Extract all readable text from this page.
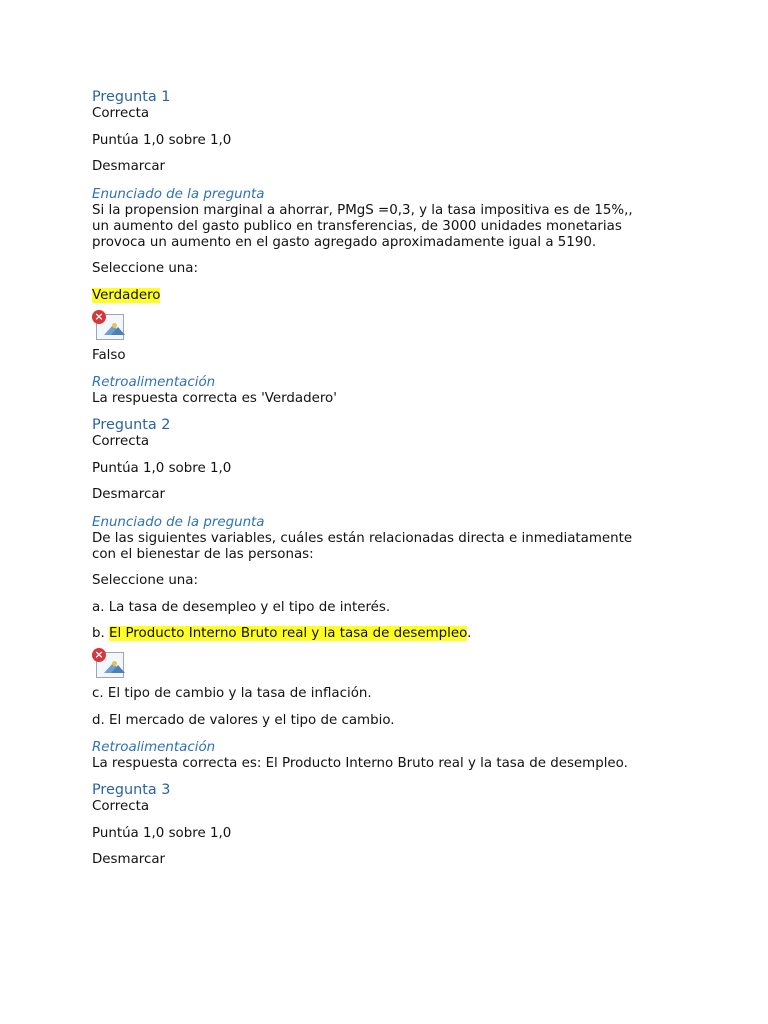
Pregunta 1

Correcta

Puntúa 1,0 sobre 1,0

Desmarcar

Enunciado de la pregunta

Si la propension marginal a ahorrar, PMgS =0,3, y la tasa impositiva es de 15%,,

un aumento del gasto publico en transferencias, de 3000 unidades monetarias

provoca un aumento en el gasto agregado aproximadamente igual a 5190.

Seleccione una:

Verdadero

×

Falso

Retroalimentación

La respuesta correcta es 'Verdadero'

Pregunta 2

Correcta

Puntúa 1,0 sobre 1,0

Desmarcar

Enunciado de la pregunta

De las siguientes variables, cuáles están relacionadas directa e inmediatamente

con el bienestar de las personas:

Seleccione una:

a. La tasa de desempleo y el tipo de interés.

b. El Producto Interno Bruto real y la tasa de desempleo.

×

c. El tipo de cambio y la tasa de inflación.

d. El mercado de valores y el tipo de cambio.

Retroalimentación

La respuesta correcta es: El Producto Interno Bruto real y la tasa de desempleo.

Pregunta 3

Correcta

Puntúa 1,0 sobre 1,0

Desmarcar
